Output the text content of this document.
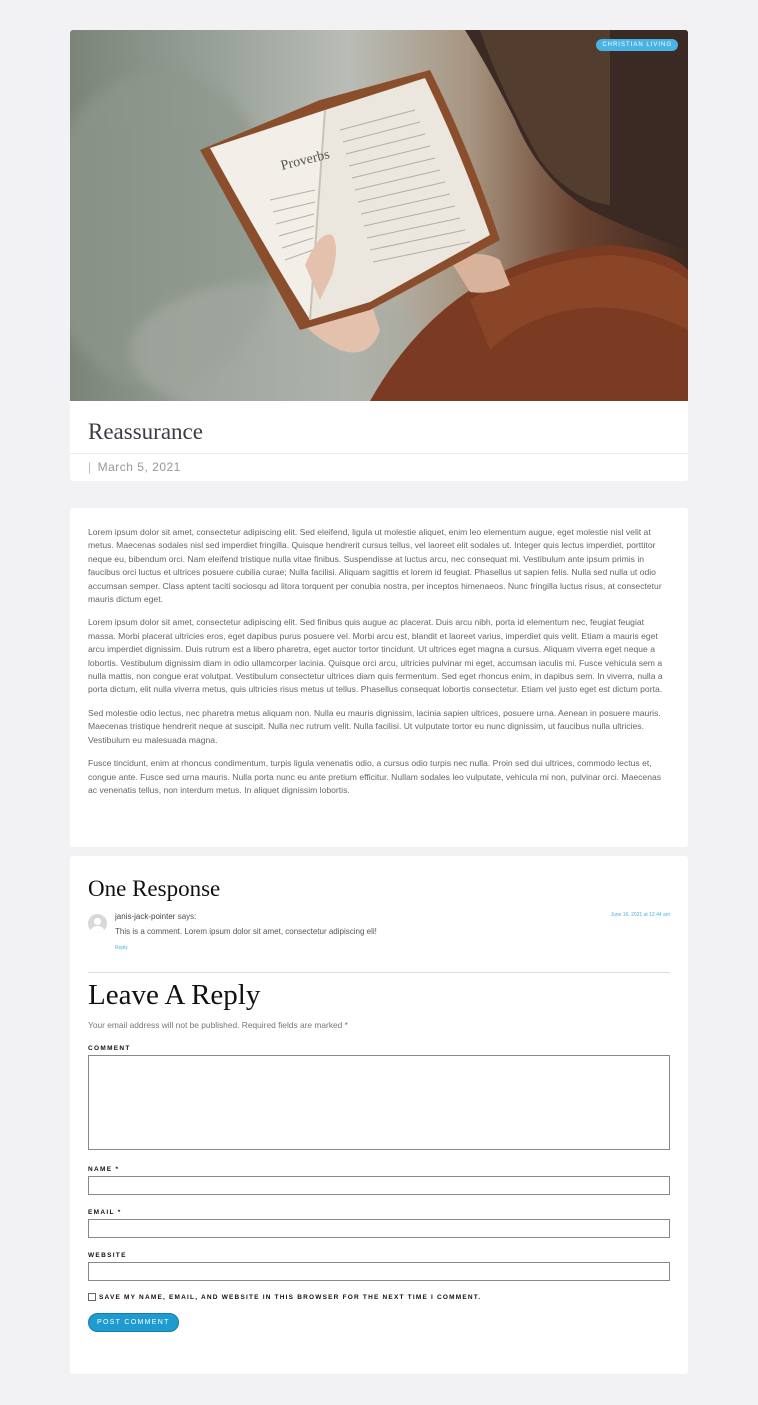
Proverbs
CHRISTIAN LIVING
Reassurance
| March 5, 2021

Lorem ipsum dolor sit amet, consectetur adipiscing elit. Sed eleifend, ligula ut molestie aliquet, enim leo elementum augue, eget molestie nisl velit at metus. Maecenas sodales nisl sed imperdiet fringilla. Quisque hendrerit cursus tellus, vel laoreet elit sodales ut. Integer quis lectus imperdiet, porttitor neque eu, bibendum orci. Nam eleifend tristique nulla vitae finibus. Suspendisse at luctus arcu, nec consequat mi. Vestibulum ante ipsum primis in faucibus orci luctus et ultrices posuere cubilia curae; Nulla facilisi. Aliquam sagittis et lorem id feugiat. Phasellus ut sapien felis. Nulla sed nulla ut odio accumsan semper. Class aptent taciti sociosqu ad litora torquent per conubia nostra, per inceptos himenaeos. Nunc fringilla luctus risus, at consectetur mauris dictum eget.

Lorem ipsum dolor sit amet, consectetur adipiscing elit. Sed finibus quis augue ac placerat. Duis arcu nibh, porta id elementum nec, feugiat feugiat massa. Morbi placerat ultricies eros, eget dapibus purus posuere vel. Morbi arcu est, blandit et laoreet varius, imperdiet quis velit. Etiam a mauris eget arcu imperdiet dignissim. Duis rutrum est a libero pharetra, eget auctor tortor tincidunt. Ut ultrices eget magna a cursus. Aliquam viverra eget neque a lobortis. Vestibulum dignissim diam in odio ullamcorper lacinia. Quisque orci arcu, ultricies pulvinar mi eget, accumsan iaculis mi. Fusce vehicula sem a nulla mattis, non congue erat volutpat. Vestibulum consectetur ultrices diam quis fermentum. Sed eget rhoncus enim, in dapibus sem. In viverra, nulla a porta dictum, elit nulla viverra metus, quis ultricies risus metus ut tellus. Phasellus consequat lobortis consectetur. Etiam vel justo eget est dictum porta.

Sed molestie odio lectus, nec pharetra metus aliquam non. Nulla eu mauris dignissim, lacinia sapien ultrices, posuere urna. Aenean in posuere mauris. Maecenas tristique hendrerit neque at suscipit. Nulla nec rutrum velit. Nulla facilisi. Ut vulputate tortor eu nunc dignissim, ut faucibus nulla ultricies. Vestibulum eu malesuada magna.

Fusce tincidunt, enim at rhoncus condimentum, turpis ligula venenatis odio, a cursus odio turpis nec nulla. Proin sed dui ultrices, commodo lectus et, congue ante. Fusce sed urna mauris. Nulla porta nunc eu ante pretium efficitur. Nullam sodales leo vulputate, vehicula mi non, pulvinar orci. Maecenas ac venenatis tellus, non interdum metus. In aliquet dignissim lobortis.

One Response
janis-jack-pointer says:	June 16, 2021 at 12:44 am
This is a comment. Lorem ipsum dolor sit amet, consectetur adipiscing eli!
Reply
Leave A Reply
Your email address will not be published. Required fields are marked *
COMMENT
NAME *
EMAIL *
WEBSITE
SAVE MY NAME, EMAIL, AND WEBSITE IN THIS BROWSER FOR THE NEXT TIME I COMMENT.
POST COMMENT
